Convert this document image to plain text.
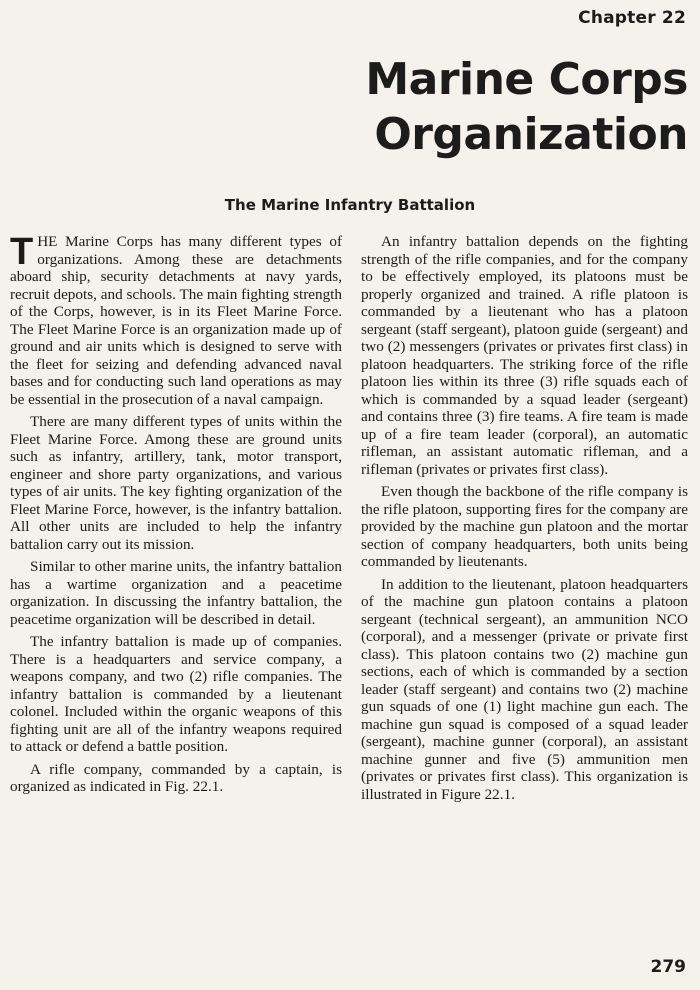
Chapter 22
Marine Corps
Organization
The Marine Infantry Battalion

THE Marine Corps has many different types of organizations. Among these are detachments aboard ship, security detachments at navy yards, recruit depots, and schools. The main fighting strength of the Corps, however, is in its Fleet Marine Force. The Fleet Marine Force is an organization made up of ground and air units which is designed to serve with the fleet for seizing and defending advanced naval bases and for conducting such land operations as may be essential in the prosecution of a naval campaign.

There are many different types of units within the Fleet Marine Force. Among these are ground units such as infantry, artillery, tank, motor transport, engineer and shore party organizations, and various types of air units. The key fighting organization of the Fleet Marine Force, however, is the infantry battalion. All other units are included to help the infantry battalion carry out its mission.

Similar to other marine units, the infantry battalion has a wartime organization and a peacetime organization. In discussing the infantry battalion, the peacetime organization will be described in detail.

The infantry battalion is made up of companies. There is a headquarters and service company, a weapons company, and two (2) rifle companies. The infantry battalion is commanded by a lieutenant colonel. Included within the organic weapons of this fighting unit are all of the infantry weapons required to attack or defend a battle position.

A rifle company, commanded by a captain, is organized as indicated in Fig. 22.1.

An infantry battalion depends on the fighting strength of the rifle companies, and for the company to be effectively employed, its platoons must be properly organized and trained. A rifle platoon is commanded by a lieutenant who has a platoon sergeant (staff sergeant), platoon guide (sergeant) and two (2) messengers (privates or privates first class) in platoon headquarters. The striking force of the rifle platoon lies within its three (3) rifle squads each of which is commanded by a squad leader (sergeant) and contains three (3) fire teams. A fire team is made up of a fire team leader (corporal), an automatic rifleman, an assistant automatic rifleman, and a rifleman (privates or privates first class).

Even though the backbone of the rifle company is the rifle platoon, supporting fires for the company are provided by the machine gun platoon and the mortar section of company headquarters, both units being commanded by lieutenants.

In addition to the lieutenant, platoon headquarters of the machine gun platoon contains a platoon sergeant (technical sergeant), an ammunition NCO (corporal), and a messenger (private or private first class). This platoon contains two (2) machine gun sections, each of which is commanded by a section leader (staff sergeant) and contains two (2) machine gun squads of one (1) light machine gun each. The machine gun squad is composed of a squad leader (sergeant), machine gunner (corporal), an assistant machine gunner and five (5) ammunition men (privates or privates first class). This organization is illustrated in Figure 22.1.

279
